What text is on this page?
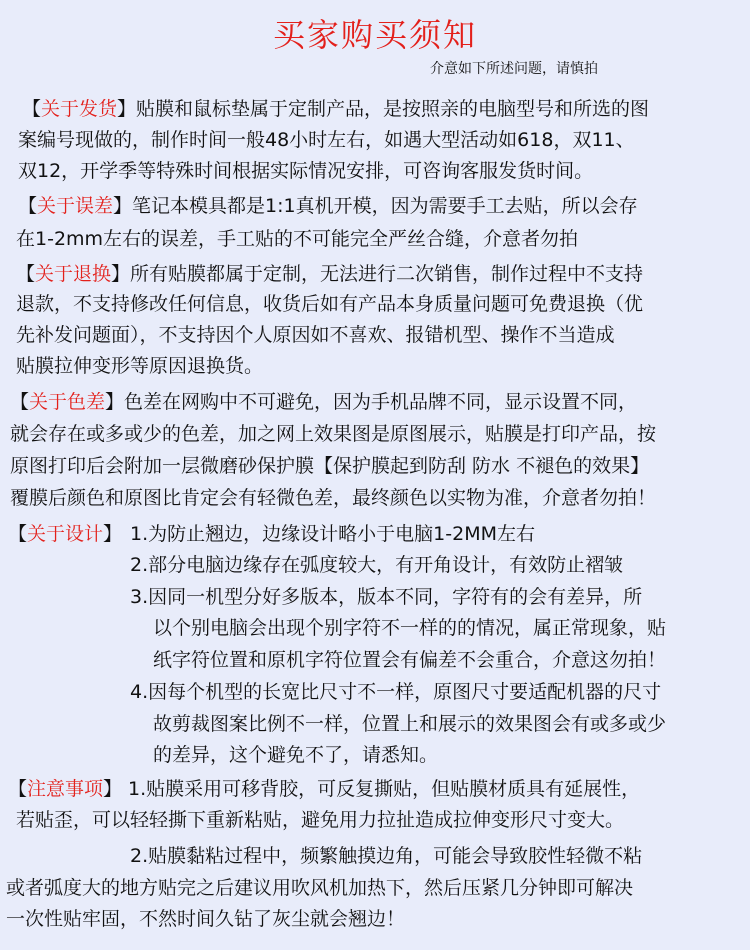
买家购买须知
介意如下所述问题，请慎拍
【关于发货】贴膜和鼠标垫属于定制产品，是按照亲的电脑型号和所选的图
案编号现做的，制作时间一般48小时左右，如遇大型活动如618，双11、
双12，开学季等特殊时间根据实际情况安排，可咨询客服发货时间。
【关于误差】笔记本模具都是1:1真机开模，因为需要手工去贴，所以会存
在1-2mm左右的误差，手工贴的不可能完全严丝合缝，介意者勿拍
【关于退换】所有贴膜都属于定制，无法进行二次销售，制作过程中不支持
退款，不支持修改任何信息，收货后如有产品本身质量问题可免费退换（优
先补发问题面），不支持因个人原因如不喜欢、报错机型、操作不当造成
贴膜拉伸变形等原因退换货。
【关于色差】色差在网购中不可避免，因为手机品牌不同，显示设置不同，
就会存在或多或少的色差，加之网上效果图是原图展示，贴膜是打印产品，按
原图打印后会附加一层微磨砂保护膜【保护膜起到防刮 防水 不褪色的效果】
覆膜后颜色和原图比肯定会有轻微色差，最终颜色以实物为准，介意者勿拍！
【关于设计】 1.为防止翘边，边缘设计略小于电脑1-2MM左右
2.部分电脑边缘存在弧度较大，有开角设计，有效防止褶皱
3.因同一机型分好多版本，版本不同，字符有的会有差异，所
以个别电脑会出现个别字符不一样的的情况，属正常现象，贴
纸字符位置和原机字符位置会有偏差不会重合，介意这勿拍！
4.因每个机型的长宽比尺寸不一样，原图尺寸要适配机器的尺寸
故剪裁图案比例不一样，位置上和展示的效果图会有或多或少
的差异，这个避免不了，请悉知。
【注意事项】 1.贴膜采用可移背胶，可反复撕贴，但贴膜材质具有延展性，
若贴歪，可以轻轻撕下重新粘贴，避免用力拉扯造成拉伸变形尺寸变大。
2.贴膜黏粘过程中，频繁触摸边角，可能会导致胶性轻微不粘
或者弧度大的地方贴完之后建议用吹风机加热下，然后压紧几分钟即可解决
一次性贴牢固，不然时间久钻了灰尘就会翘边！
